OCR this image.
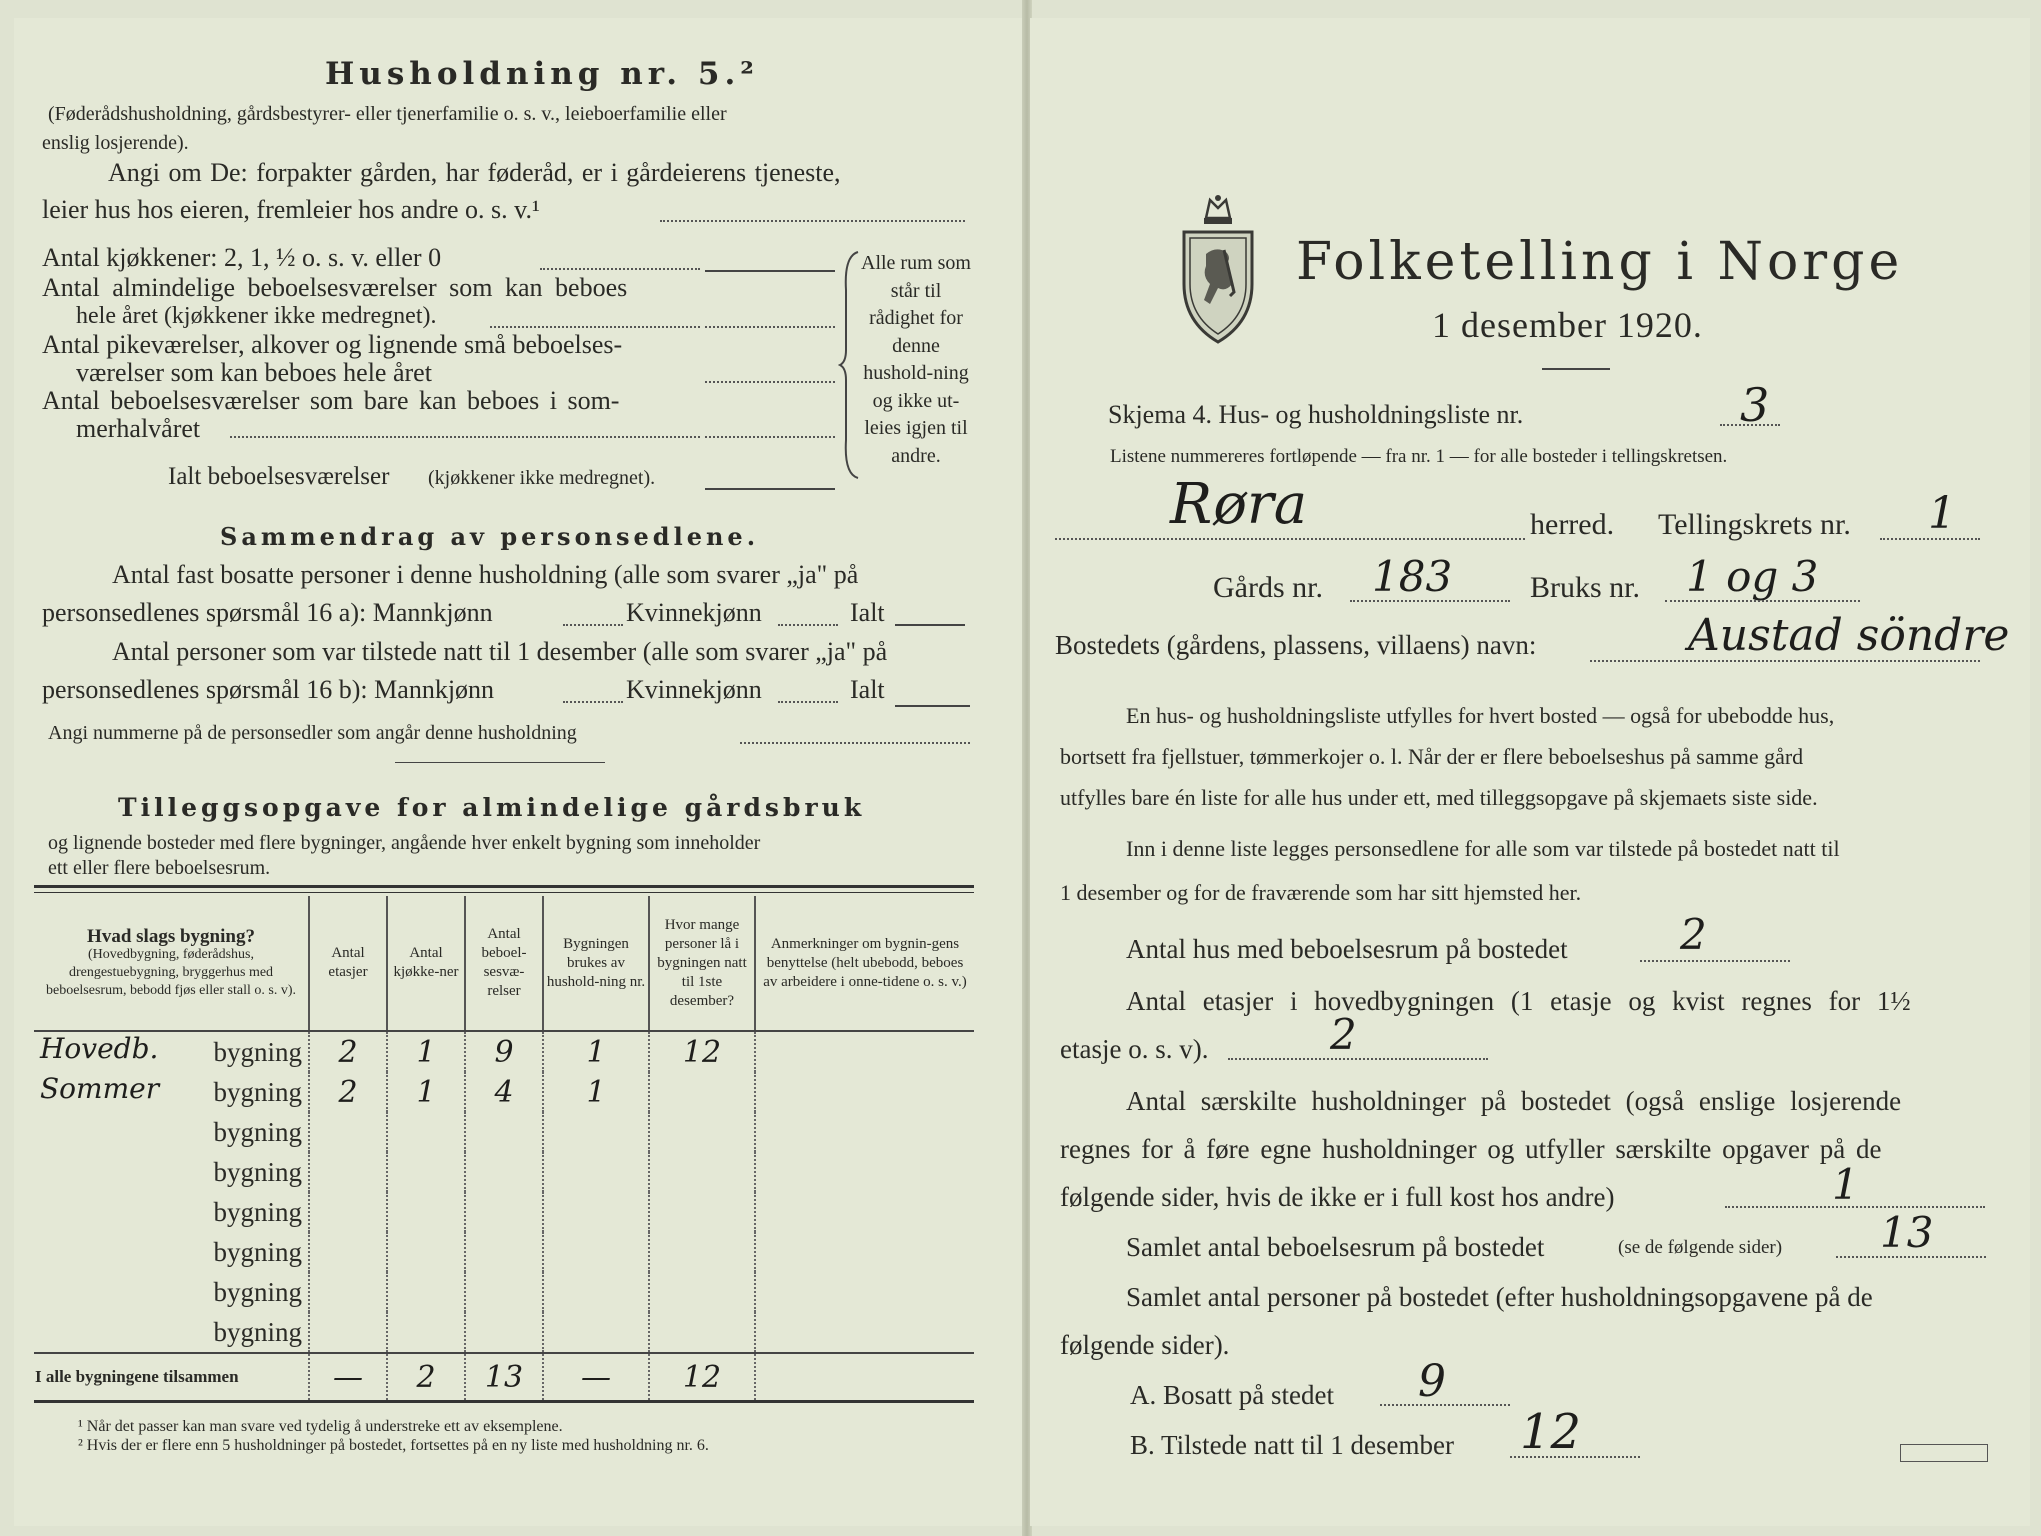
Husholdning nr. 5.²
(Føderådshusholdning, gårdsbestyrer- eller tjenerfamilie o. s. v., leieboerfamilie eller
enslig losjerende).
Angi om De: forpakter gården, har føderåd, er i gårdeierens tjeneste,
leier hus hos eieren, fremleier hos andre o. s. v.¹
Antal kjøkkener: 2, 1, ½ o. s. v. eller 0
Antal almindelige beboelsesværelser som kan beboes
hele året (kjøkkener ikke medregnet).
Antal pikeværelser, alkover og lignende små beboelses-
værelser som kan beboes hele året
Antal beboelsesværelser som bare kan beboes i som-
merhalvåret
Ialt beboelsesværelser (kjøkkener ikke medregnet).
Alle rum som står til rådighet for denne hushold-ning og ikke ut-leies igjen til andre.
Sammendrag av personsedlene.
Antal fast bosatte personer i denne husholdning (alle som svarer „ja" på
personsedlenes spørsmål 16 a): Mannkjønn	Kvinnekjønn	Ialt
Antal personer som var tilstede natt til 1 desember (alle som svarer „ja" på
personsedlenes spørsmål 16 b): Mannkjønn	Kvinnekjønn	Ialt
Angi nummerne på de personsedler som angår denne husholdning
Tilleggsopgave for almindelige gårdsbruk
og lignende bosteder med flere bygninger, angående hver enkelt bygning som inneholder
ett eller flere beboelsesrum.
Hvad slags bygning?
(Hovedbygning, føderådshus, drengestuebygning, bryggerhus med beboelsesrum, bebodd fjøs eller stall o. s. v).	Antal etasjer	Antal kjøkke-ner	Antal beboel-sesvæ-relser	Bygningen brukes av hushold-ning nr.	Hvor mange personer lå i bygningen natt til 1ste desember?	Anmerkninger om bygnin-gens benyttelse (helt ubebodd, beboes av arbeidere i onne-tidene o. s. v.)

Hovedb. bygning	2	1	9	1	12	

Sommer bygning	2	1	4	1		

bygning						

bygning						

bygning						

bygning						

bygning						

bygning						
I alle bygningene tilsammen	—	2	13	—	12	
¹ Når det passer kan man svare ved tydelig å understreke ett av eksemplene.
² Hvis der er flere enn 5 husholdninger på bostedet, fortsettes på en ny liste med husholdning nr. 6.
Folketelling i Norge
1 desember 1920.
Skjema 4. Hus- og husholdningsliste nr.	3
Listene nummereres fortløpende — fra nr. 1 — for alle bosteder i tellingskretsen.
Røra	herred. Tellingskrets nr. 1
Gårds nr. 183	Bruks nr. 1 og 3
Bostedets (gårdens, plassens, villaens) navn:	Austad söndre
En hus- og husholdningsliste utfylles for hvert bosted — også for ubebodde hus,
bortsett fra fjellstuer, tømmerkojer o. l. Når der er flere beboelseshus på samme gård
utfylles bare én liste for alle hus under ett, med tilleggsopgave på skjemaets siste side.
Inn i denne liste legges personsedlene for alle som var tilstede på bostedet natt til
1 desember og for de fraværende som har sitt hjemsted her.
Antal hus med beboelsesrum på bostedet	2
Antal etasjer i hovedbygningen (1 etasje og kvist regnes for 1½
etasje o. s. v).	2
Antal særskilte husholdninger på bostedet (også enslige losjerende
regnes for å føre egne husholdninger og utfyller særskilte opgaver på de
følgende sider, hvis de ikke er i full kost hos andre)	1
Samlet antal beboelsesrum på bostedet	(se de følgende sider) 13
Samlet antal personer på bostedet (efter husholdningsopgavene på de
følgende sider).
A. Bosatt på stedet 9
B. Tilstede natt til 1 desember 12
